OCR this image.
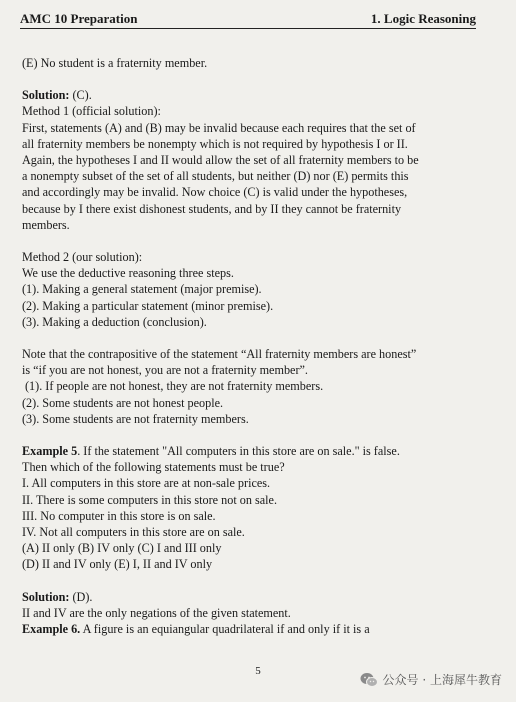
AMC 10 Preparation	1. Logic Reasoning

(E) No student is a fraternity member.

Solution: (C).

Method 1 (official solution):

First, statements (A) and (B) may be invalid because each requires that the set of

all fraternity members be nonempty which is not required by hypothesis I or II.

Again, the hypotheses I and II would allow the set of all fraternity members to be

a nonempty subset of the set of all students, but neither (D) nor (E) permits this

and accordingly may be invalid. Now choice (C) is valid under the hypotheses,

because by I there exist dishonest students, and by II they cannot be fraternity

members.

Method 2 (our solution):

We use the deductive reasoning three steps.

(1). Making a general statement (major premise).

(2). Making a particular statement (minor premise).

(3). Making a deduction (conclusion).

Note that the contrapositive of the statement “All fraternity members are honest”

is “if you are not honest, you are not a fraternity member”.

(1). If people are not honest, they are not fraternity members.

(2). Some students are not honest people.

(3). Some students are not fraternity members.

Example 5. If the statement "All computers in this store are on sale." is false.

Then which of the following statements must be true?

I. All computers in this store are at non-sale prices.

II. There is some computers in this store not on sale.

III. No computer in this store is on sale.

IV. Not all computers in this store are on sale.

(A) II only (B) IV only (C) I and III only

(D) II and IV only (E) I, II and IV only

Solution: (D).

II and IV are the only negations of the given statement.

Example 6. A figure is an equiangular quadrilateral if and only if it is a

5
公众号 · 上海犀牛教育
